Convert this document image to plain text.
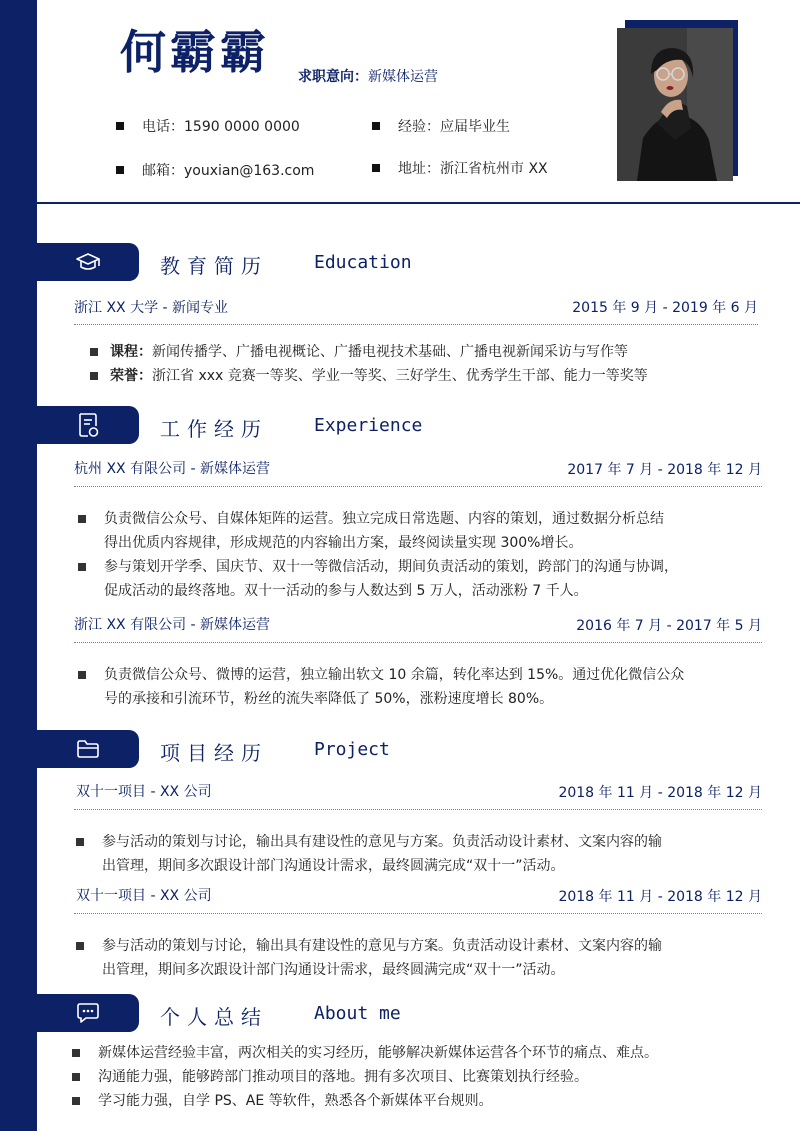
何霸霸 求职意向：新媒体运营
电话：1590 0000 0000	经验：应届毕业生
邮箱：youxian@163.com	地址：浙江省杭州市 XX
教育简历	Education
浙江 XX 大学 - 新闻专业	2015 年 9 月 - 2019 年 6 月
课程：新闻传播学、广播电视概论、广播电视技术基础、广播电视新闻采访与写作等
荣誉：浙江省 xxx 竞赛一等奖、学业一等奖、三好学生、优秀学生干部、能力一等奖等
工作经历	Experience
杭州 XX 有限公司 - 新媒体运营	2017 年 7 月 - 2018 年 12 月
负责微信公众号、自媒体矩阵的运营。独立完成日常选题、内容的策划，通过数据分析总结
得出优质内容规律，形成规范的内容输出方案，最终阅读量实现 300%增长。
参与策划开学季、国庆节、双十一等微信活动，期间负责活动的策划，跨部门的沟通与协调，
促成活动的最终落地。双十一活动的参与人数达到 5 万人，活动涨粉 7 千人。
浙江 XX 有限公司 - 新媒体运营	2016 年 7 月 - 2017 年 5 月
负责微信公众号、微博的运营，独立输出软文 10 余篇，转化率达到 15%。通过优化微信公众
号的承接和引流环节，粉丝的流失率降低了 50%，涨粉速度增长 80%。
项目经历	Project
双十一项目 - XX 公司	2018 年 11 月 - 2018 年 12 月
参与活动的策划与讨论，输出具有建设性的意见与方案。负责活动设计素材、文案内容的输
出管理，期间多次跟设计部门沟通设计需求，最终圆满完成“双十一”活动。
双十一项目 - XX 公司	2018 年 11 月 - 2018 年 12 月
参与活动的策划与讨论，输出具有建设性的意见与方案。负责活动设计素材、文案内容的输
出管理，期间多次跟设计部门沟通设计需求，最终圆满完成“双十一”活动。
个人总结	About me
新媒体运营经验丰富，两次相关的实习经历，能够解决新媒体运营各个环节的痛点、难点。
沟通能力强，能够跨部门推动项目的落地。拥有多次项目、比赛策划执行经验。
学习能力强，自学 PS、AE 等软件，熟悉各个新媒体平台规则。
